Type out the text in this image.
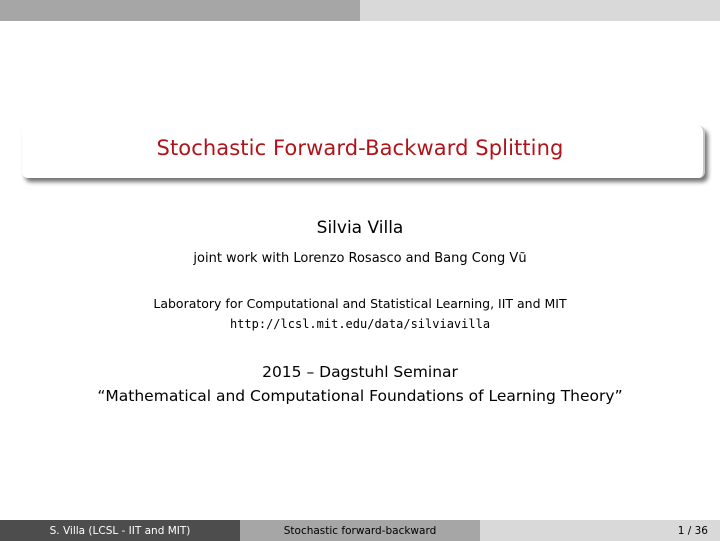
Stochastic Forward-Backward Splitting
Silvia Villa
joint work with Lorenzo Rosasco and Bang Cong Vũ
Laboratory for Computational and Statistical Learning, IIT and MIT
http://lcsl.mit.edu/data/silviavilla
2015 – Dagstuhl Seminar
“Mathematical and Computational Foundations of Learning Theory”
S. Villa (LCSL - IIT and MIT)	Stochastic forward-backward	1 / 36
